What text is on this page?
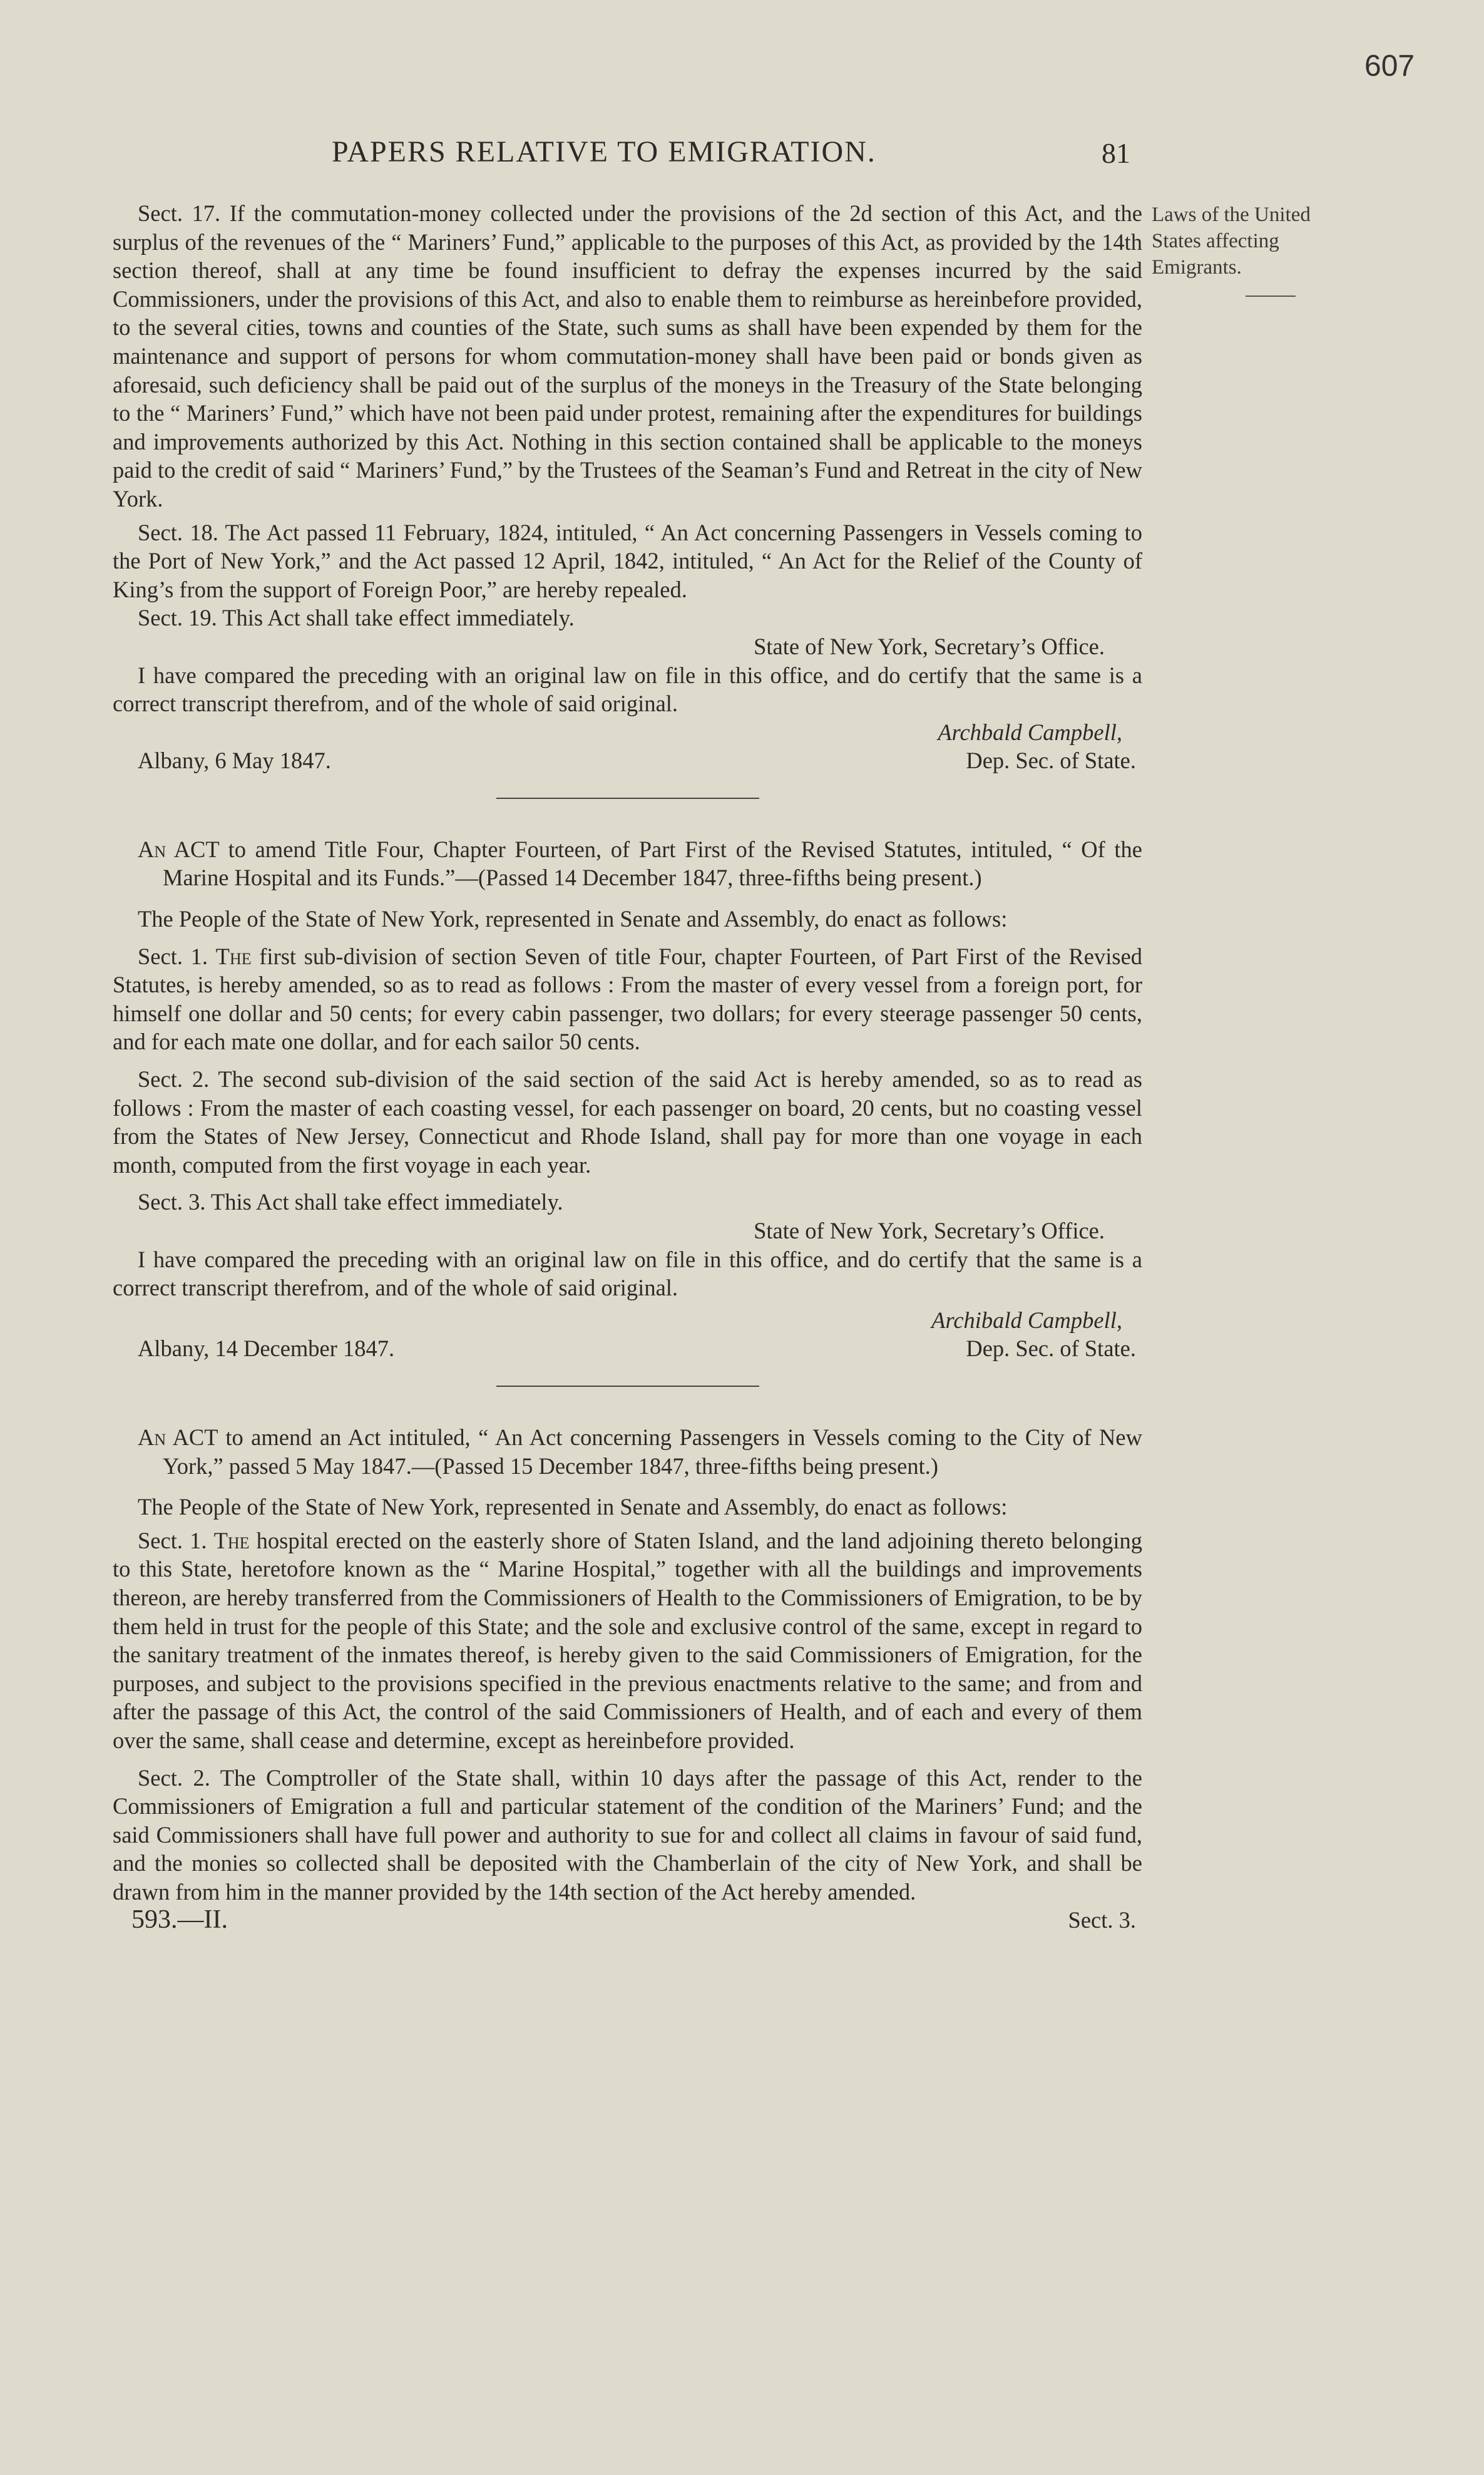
607
PAPERS RELATIVE TO EMIGRATION.	81
Laws of the United States affecting Emigrants.

Sect. 17. If the commutation-money collected under the provisions of the 2d section of this Act, and the surplus of the revenues of the “ Mariners’ Fund,” applicable to the purposes of this Act, as provided by the 14th section thereof, shall at any time be found insufficient to defray the expenses incurred by the said Commissioners, under the provisions of this Act, and also to enable them to reimburse as hereinbefore provided, to the several cities, towns and counties of the State, such sums as shall have been expended by them for the maintenance and support of persons for whom commutation-money shall have been paid or bonds given as aforesaid, such deficiency shall be paid out of the surplus of the moneys in the Treasury of the State belonging to the “ Mariners’ Fund,” which have not been paid under protest, remaining after the expenditures for buildings and improvements authorized by this Act. Nothing in this section contained shall be applicable to the moneys paid to the credit of said “ Mariners’ Fund,” by the Trustees of the Seaman’s Fund and Retreat in the city of New York.

Sect. 18. The Act passed 11 February, 1824, intituled, “ An Act concerning Passengers in Vessels coming to the Port of New York,” and the Act passed 12 April, 1842, intituled, “ An Act for the Relief of the County of King’s from the support of Foreign Poor,” are hereby repealed.

Sect. 19. This Act shall take effect immediately.

State of New York, Secretary’s Office.

I have compared the preceding with an original law on file in this office, and do certify that the same is a correct transcript therefrom, and of the whole of said original.

Albany, 6 May 1847.
Archbald Campbell,
Dep. Sec. of State.

An ACT to amend Title Four, Chapter Fourteen, of Part First of the Revised Statutes, intituled, “ Of the Marine Hospital and its Funds.”—(Passed 14 December 1847, three-fifths being present.)

The People of the State of New York, represented in Senate and Assembly, do enact as follows:

Sect. 1. The first sub-division of section Seven of title Four, chapter Fourteen, of Part First of the Revised Statutes, is hereby amended, so as to read as follows : From the master of every vessel from a foreign port, for himself one dollar and 50 cents; for every cabin passenger, two dollars; for every steerage passenger 50 cents, and for each mate one dollar, and for each sailor 50 cents.

Sect. 2. The second sub-division of the said section of the said Act is hereby amended, so as to read as follows : From the master of each coasting vessel, for each passenger on board, 20 cents, but no coasting vessel from the States of New Jersey, Connecticut and Rhode Island, shall pay for more than one voyage in each month, computed from the first voyage in each year.

Sect. 3. This Act shall take effect immediately.

State of New York, Secretary’s Office.

I have compared the preceding with an original law on file in this office, and do certify that the same is a correct transcript therefrom, and of the whole of said original.

Albany, 14 December 1847.
Archibald Campbell,
Dep. Sec. of State.

An ACT to amend an Act intituled, “ An Act concerning Passengers in Vessels coming to the City of New York,” passed 5 May 1847.—(Passed 15 December 1847, three-fifths being present.)

The People of the State of New York, represented in Senate and Assembly, do enact as follows:

Sect. 1. The hospital erected on the easterly shore of Staten Island, and the land adjoining thereto belonging to this State, heretofore known as the “ Marine Hospital,” together with all the buildings and improvements thereon, are hereby transferred from the Commissioners of Health to the Commissioners of Emigration, to be by them held in trust for the people of this State; and the sole and exclusive control of the same, except in regard to the sanitary treatment of the inmates thereof, is hereby given to the said Commissioners of Emigration, for the purposes, and subject to the provisions specified in the previous enactments relative to the same; and from and after the passage of this Act, the control of the said Commissioners of Health, and of each and every of them over the same, shall cease and determine, except as hereinbefore provided.

Sect. 2. The Comptroller of the State shall, within 10 days after the passage of this Act, render to the Commissioners of Emigration a full and particular statement of the condition of the Mariners’ Fund; and the said Commissioners shall have full power and authority to sue for and collect all claims in favour of said fund, and the monies so collected shall be deposited with the Chamberlain of the city of New York, and shall be drawn from him in the manner provided by the 14th section of the Act hereby amended.

593.—II.	Sect. 3.
